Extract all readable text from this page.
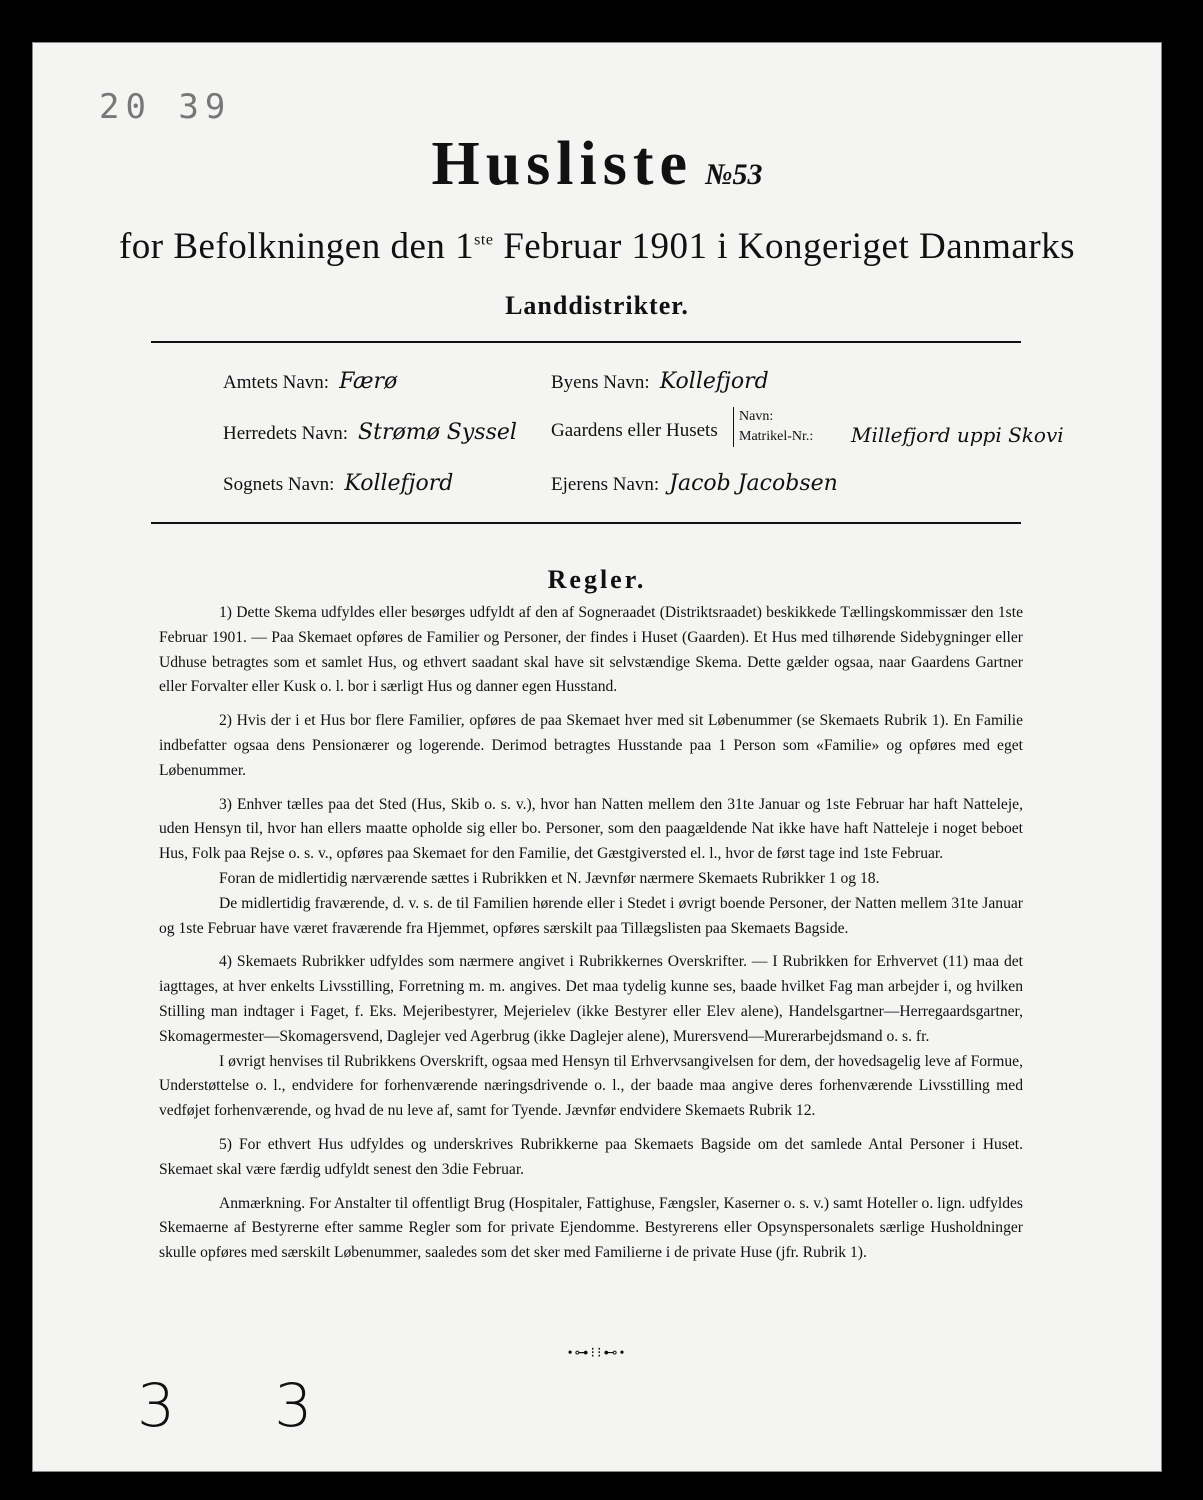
20 39
Husliste №53
for Befolkningen den 1ste Februar 1901 i Kongeriget Danmarks
Landdistrikter.
Amtets Navn: Færø
Herredets Navn: Strømø Syssel
Sognets Navn: Kollefjord
Byens Navn: Kollefjord
Gaardens eller Husets
Navn:
Matrikel-Nr.:	Millefjord uppi Skovi
Ejerens Navn: Jacob Jacobsen
Regler.

1) Dette Skema udfyldes eller besørges udfyldt af den af Sogneraadet (Distriktsraadet) beskikkede Tællingskommissær den 1ste Februar 1901. — Paa Skemaet opføres de Familier og Personer, der findes i Huset (Gaarden). Et Hus med tilhørende Sidebygninger eller Udhuse betragtes som et samlet Hus, og ethvert saadant skal have sit selvstændige Skema. Dette gælder ogsaa, naar Gaardens Gartner eller Forvalter eller Kusk o. l. bor i særligt Hus og danner egen Husstand.

2) Hvis der i et Hus bor flere Familier, opføres de paa Skemaet hver med sit Løbenummer (se Skemaets Rubrik 1). En Familie indbefatter ogsaa dens Pensionærer og logerende. Derimod betragtes Husstande paa 1 Person som «Familie» og opføres med eget Løbenummer.

3) Enhver tælles paa det Sted (Hus, Skib o. s. v.), hvor han Natten mellem den 31te Januar og 1ste Februar har haft Natteleje, uden Hensyn til, hvor han ellers maatte opholde sig eller bo. Personer, som den paagældende Nat ikke have haft Natteleje i noget beboet Hus, Folk paa Rejse o. s. v., opføres paa Skemaet for den Familie, det Gæstgiversted el. l., hvor de først tage ind 1ste Februar.

Foran de midlertidig nærværende sættes i Rubrikken et N. Jævnfør nærmere Skemaets Rubrikker 1 og 18.

De midlertidig fraværende, d. v. s. de til Familien hørende eller i Stedet i øvrigt boende Personer, der Natten mellem 31te Januar og 1ste Februar have været fraværende fra Hjemmet, opføres særskilt paa Tillægslisten paa Skemaets Bagside.

4) Skemaets Rubrikker udfyldes som nærmere angivet i Rubrikkernes Overskrifter. — I Rubrikken for Erhvervet (11) maa det iagttages, at hver enkelts Livsstilling, Forretning m. m. angives. Det maa tydelig kunne ses, baade hvilket Fag man arbejder i, og hvilken Stilling man indtager i Faget, f. Eks. Mejeribestyrer, Mejerielev (ikke Bestyrer eller Elev alene), Handelsgartner—Herregaardsgartner, Skomagermester—Skomagersvend, Daglejer ved Agerbrug (ikke Daglejer alene), Murersvend—Murerarbejdsmand o. s. fr.

I øvrigt henvises til Rubrikkens Overskrift, ogsaa med Hensyn til Erhvervsangivelsen for dem, der hovedsagelig leve af Formue, Understøttelse o. l., endvidere for forhenværende næringsdrivende o. l., der baade maa angive deres forhenværende Livsstilling med vedføjet forhenværende, og hvad de nu leve af, samt for Tyende. Jævnfør endvidere Skemaets Rubrik 12.

5) For ethvert Hus udfyldes og underskrives Rubrikkerne paa Skemaets Bagside om det samlede Antal Personer i Huset. Skemaet skal være færdig udfyldt senest den 3die Februar.

Anmærkning. For Anstalter til offentligt Brug (Hospitaler, Fattighuse, Fængsler, Kaserner o. s. v.) samt Hoteller o. lign. udfyldes Skemaerne af Bestyrerne efter samme Regler som for private Ejendomme. Bestyrerens eller Opsynspersonalets særlige Husholdninger skulle opføres med særskilt Løbenummer, saaledes som det sker med Familierne i de private Huse (jfr. Rubrik 1).

•⊶⁝⁝⊷•
3 3
